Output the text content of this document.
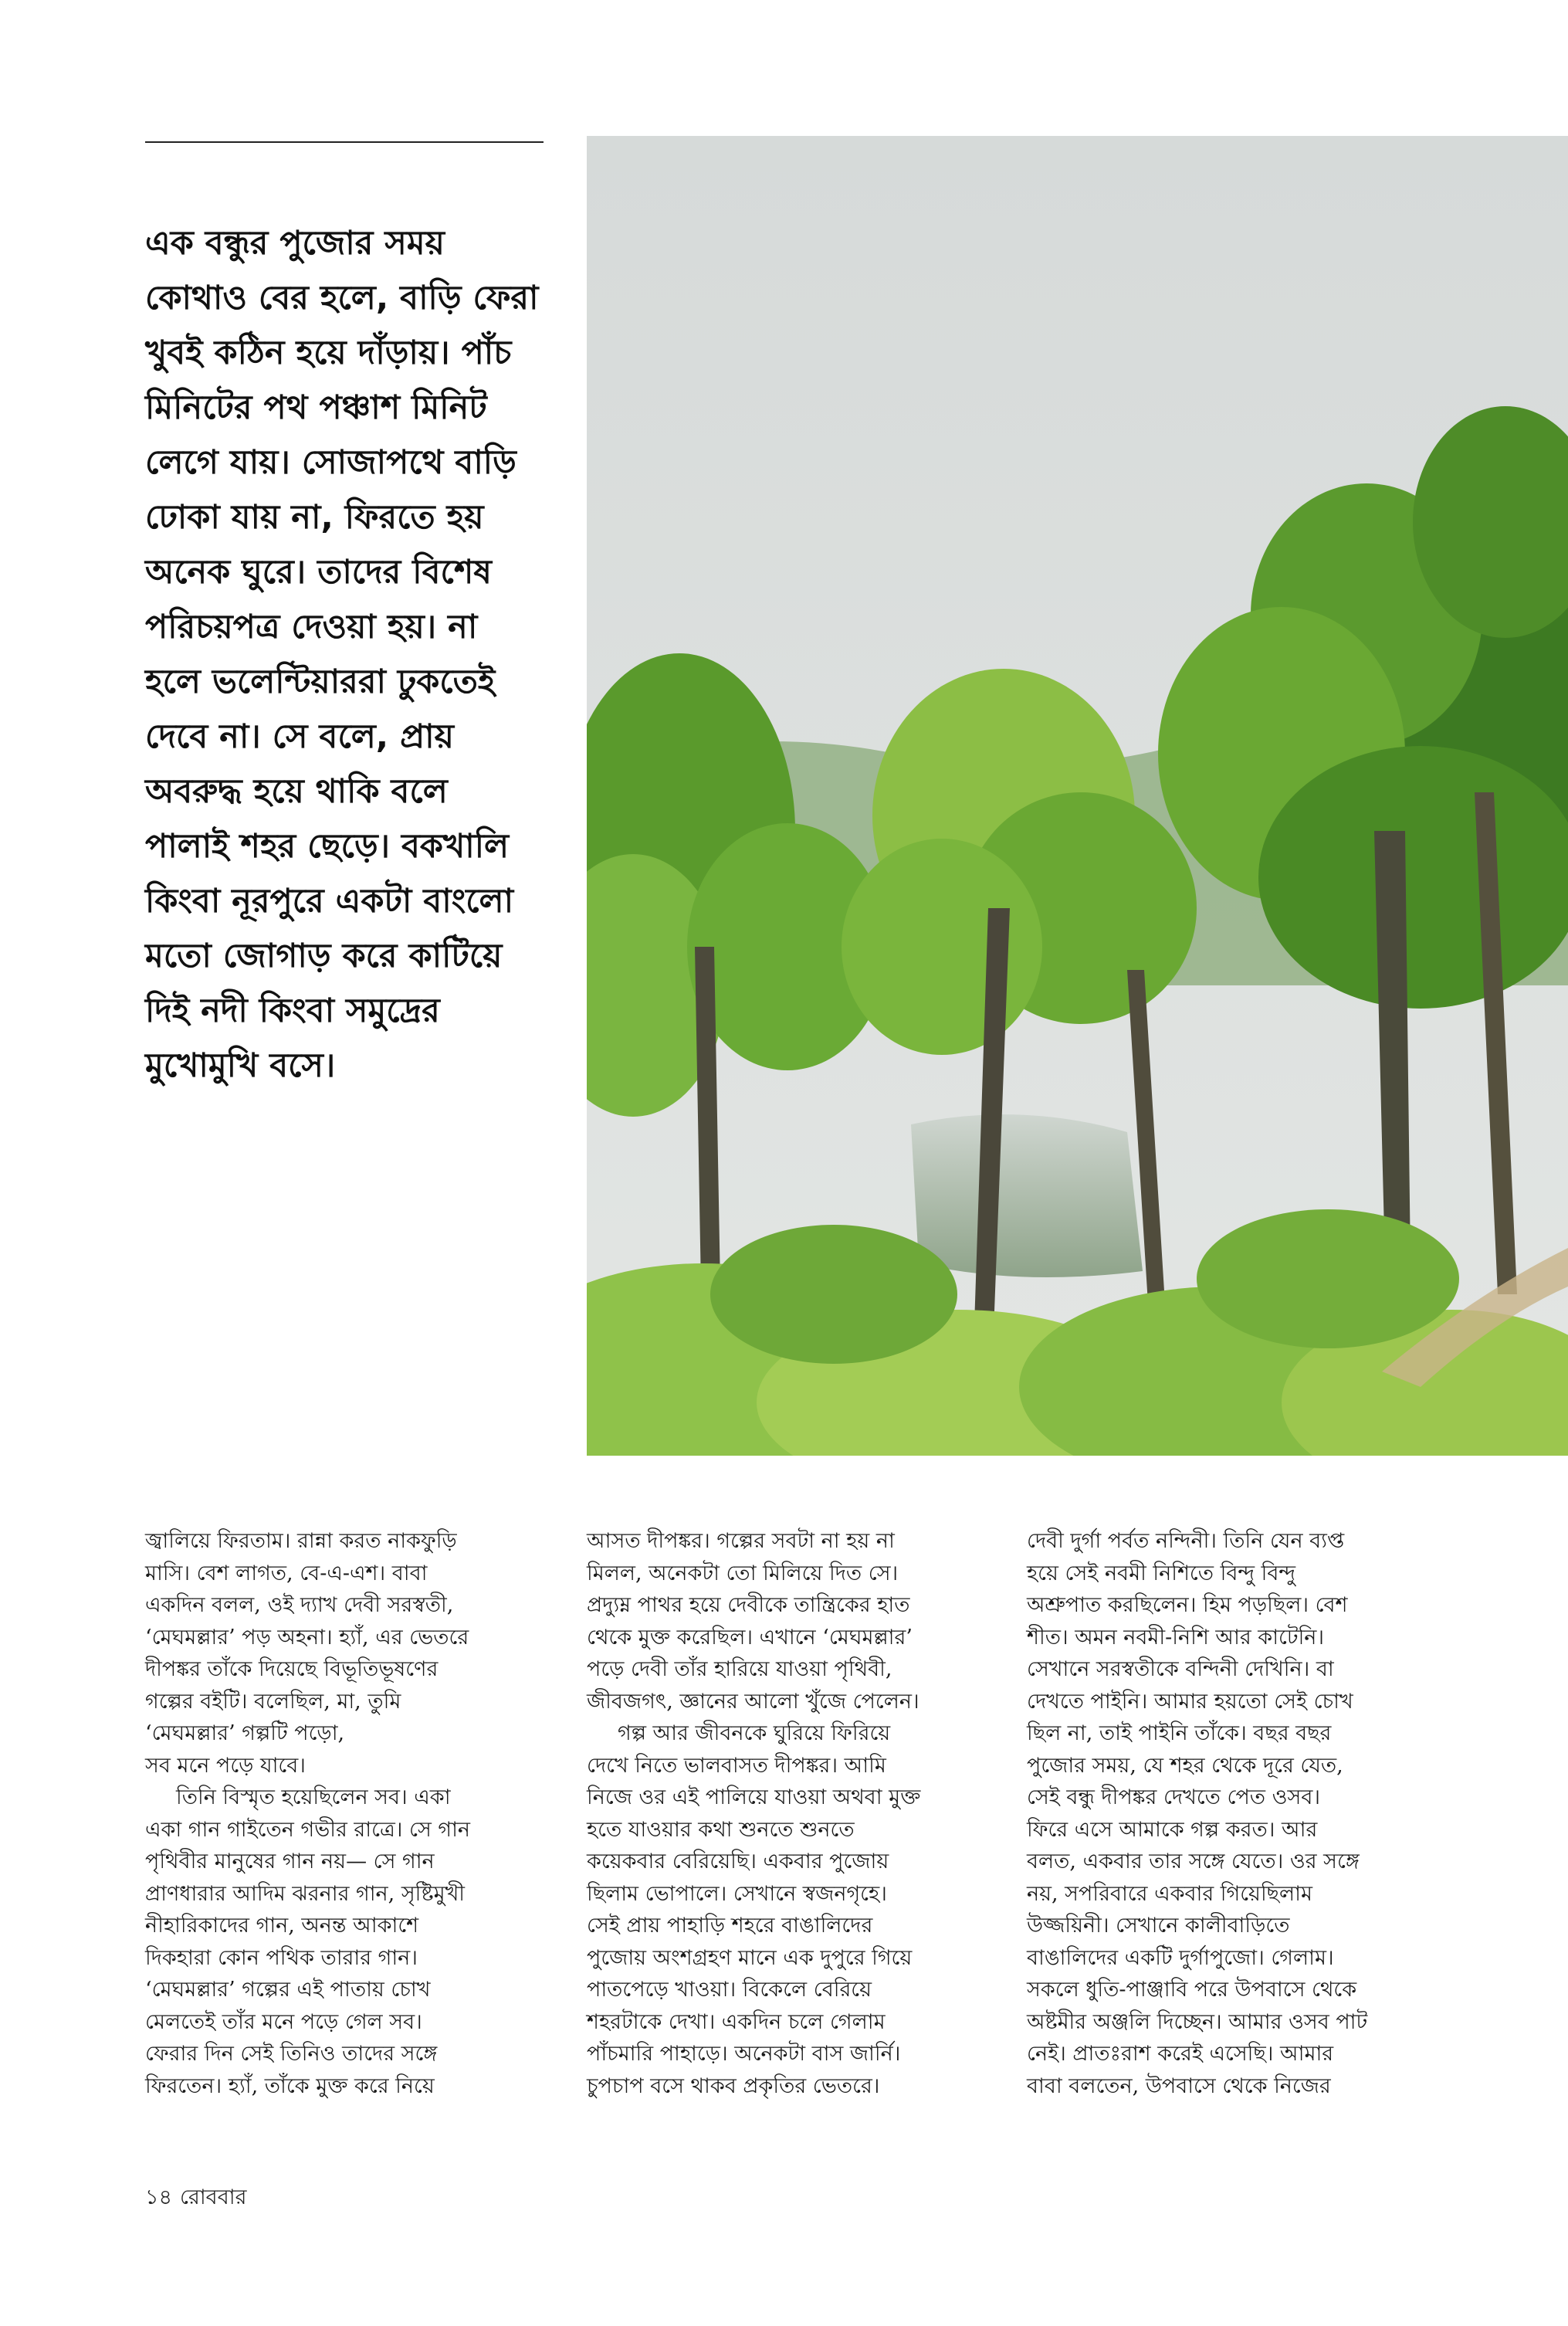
এক বন্ধুর পুজোর সময়
কোথাও বের হলে, বাড়ি ফেরা
খুবই কঠিন হয়ে দাঁড়ায়। পাঁচ
মিনিটের পথ পঞ্চাশ মিনিট
লেগে যায়। সোজাপথে বাড়ি
ঢোকা যায় না, ফিরতে হয়
অনেক ঘুরে। তাদের বিশেষ
পরিচয়পত্র দেওয়া হয়। না
হলে ভলেন্টিয়াররা ঢুকতেই
দেবে না। সে বলে, প্রায়
অবরুদ্ধ হয়ে থাকি বলে
পালাই শহর ছেড়ে। বকখালি
কিংবা নূরপুরে একটা বাংলো
মতো জোগাড় করে কাটিয়ে
দিই নদী কিংবা সমুদ্রের
মুখোমুখি বসে।
জ্বালিয়ে ফিরতাম। রান্না করত নাকফুড়ি
মাসি। বেশ লাগত, বে-এ-এশ। বাবা
একদিন বলল, ওই দ্যাখ দেবী সরস্বতী,
‘মেঘমল্লার’ পড় অহনা। হ্যাঁ, এর ভেতরে
দীপঙ্কর তাঁকে দিয়েছে বিভূতিভূষণের
গল্পের বইটি। বলেছিল, মা, তুমি
‘মেঘমল্লার’ গল্পটি পড়ো,
সব মনে পড়ে যাবে।
তিনি বিস্মৃত হয়েছিলেন সব। একা
একা গান গাইতেন গভীর রাত্রে। সে গান
পৃথিবীর মানুষের গান নয়— সে গান
প্রাণধারার আদিম ঝরনার গান, সৃষ্টিমুখী
নীহারিকাদের গান, অনন্ত আকাশে
দিকহারা কোন পথিক তারার গান।
‘মেঘমল্লার’ গল্পের এই পাতায় চোখ
মেলতেই তাঁর মনে পড়ে গেল সব।
ফেরার দিন সেই তিনিও তাদের সঙ্গে
ফিরতেন। হ্যাঁ, তাঁকে মুক্ত করে নিয়ে
আসত দীপঙ্কর। গল্পের সবটা না হয় না
মিলল, অনেকটা তো মিলিয়ে দিত সে।
প্রদ্যুম্ন পাথর হয়ে দেবীকে তান্ত্রিকের হাত
থেকে মুক্ত করেছিল। এখানে ‘মেঘমল্লার’
পড়ে দেবী তাঁর হারিয়ে যাওয়া পৃথিবী,
জীবজগৎ, জ্ঞানের আলো খুঁজে পেলেন।
গল্প আর জীবনকে ঘুরিয়ে ফিরিয়ে
দেখে নিতে ভালবাসত দীপঙ্কর। আমি
নিজে ওর এই পালিয়ে যাওয়া অথবা মুক্ত
হতে যাওয়ার কথা শুনতে শুনতে
কয়েকবার বেরিয়েছি। একবার পুজোয়
ছিলাম ভোপালে। সেখানে স্বজনগৃহে।
সেই প্রায় পাহাড়ি শহরে বাঙালিদের
পুজোয় অংশগ্রহণ মানে এক দুপুরে গিয়ে
পাতপেড়ে খাওয়া। বিকেলে বেরিয়ে
শহরটাকে দেখা। একদিন চলে গেলাম
পাঁচমারি পাহাড়ে। অনেকটা বাস জার্নি।
চুপচাপ বসে থাকব প্রকৃতির ভেতরে।
দেবী দুর্গা পর্বত নন্দিনী। তিনি যেন ব্যপ্ত
হয়ে সেই নবমী নিশিতে বিন্দু বিন্দু
অশ্রুপাত করছিলেন। হিম পড়ছিল। বেশ
শীত। অমন নবমী-নিশি আর কাটেনি।
সেখানে সরস্বতীকে বন্দিনী দেখিনি। বা
দেখতে পাইনি। আমার হয়তো সেই চোখ
ছিল না, তাই পাইনি তাঁকে। বছর বছর
পুজোর সময়, যে শহর থেকে দূরে যেত,
সেই বন্ধু দীপঙ্কর দেখতে পেত ওসব।
ফিরে এসে আমাকে গল্প করত। আর
বলত, একবার তার সঙ্গে যেতে। ওর সঙ্গে
নয়, সপরিবারে একবার গিয়েছিলাম
উজ্জয়িনী। সেখানে কালীবাড়িতে
বাঙালিদের একটি দুর্গাপুজো। গেলাম।
সকলে ধুতি-পাঞ্জাবি পরে উপবাসে থেকে
অষ্টমীর অঞ্জলি দিচ্ছেন। আমার ওসব পাট
নেই। প্রাতঃরাশ করেই এসেছি। আমার
বাবা বলতেন, উপবাসে থেকে নিজের
১৪ রোববার
